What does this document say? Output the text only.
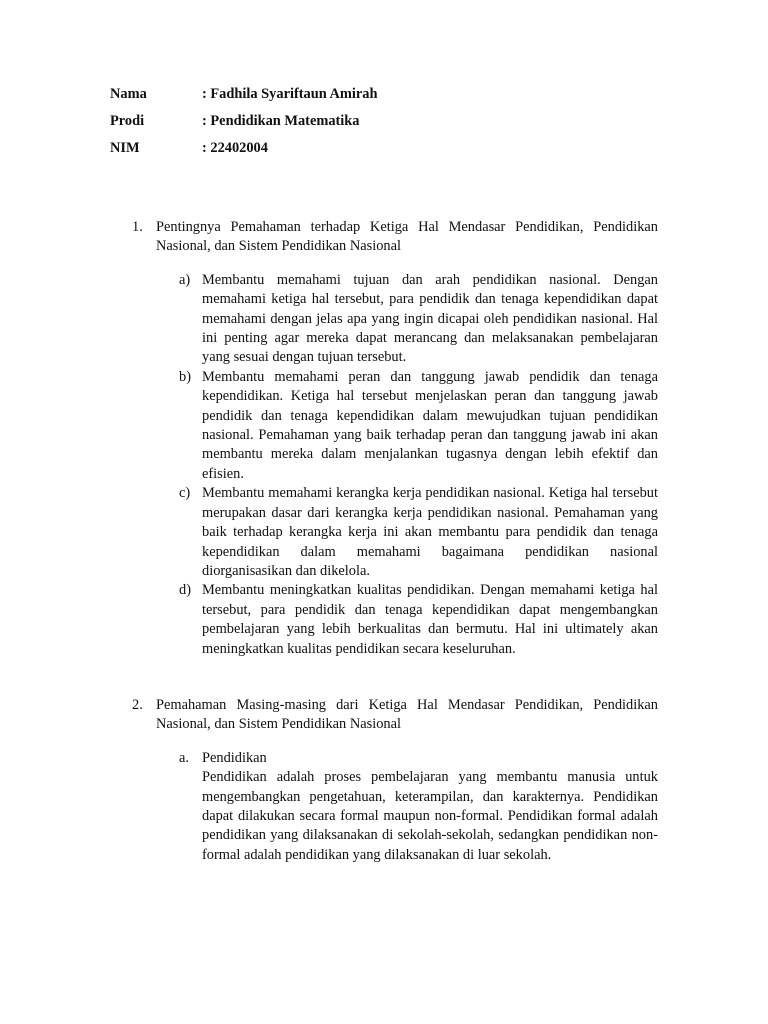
Nama	: Fadhila Syariftaun Amirah
Prodi	: Pendidikan Matematika
NIM	: 22402004
1. Pentingnya Pemahaman terhadap Ketiga Hal Mendasar Pendidikan, Pendidikan Nasional, dan Sistem Pendidikan Nasional
a) Membantu memahami tujuan dan arah pendidikan nasional. Dengan memahami ketiga hal tersebut, para pendidik dan tenaga kependidikan dapat memahami dengan jelas apa yang ingin dicapai oleh pendidikan nasional. Hal ini penting agar mereka dapat merancang dan melaksanakan pembelajaran yang sesuai dengan tujuan tersebut.
b) Membantu memahami peran dan tanggung jawab pendidik dan tenaga kependidikan. Ketiga hal tersebut menjelaskan peran dan tanggung jawab pendidik dan tenaga kependidikan dalam mewujudkan tujuan pendidikan nasional. Pemahaman yang baik terhadap peran dan tanggung jawab ini akan membantu mereka dalam menjalankan tugasnya dengan lebih efektif dan efisien.
c) Membantu memahami kerangka kerja pendidikan nasional. Ketiga hal tersebut merupakan dasar dari kerangka kerja pendidikan nasional. Pemahaman yang baik terhadap kerangka kerja ini akan membantu para pendidik dan tenaga kependidikan dalam memahami bagaimana pendidikan nasional diorganisasikan dan dikelola.
d) Membantu meningkatkan kualitas pendidikan. Dengan memahami ketiga hal tersebut, para pendidik dan tenaga kependidikan dapat mengembangkan pembelajaran yang lebih berkualitas dan bermutu. Hal ini ultimately akan meningkatkan kualitas pendidikan secara keseluruhan.
2. Pemahaman Masing-masing dari Ketiga Hal Mendasar Pendidikan, Pendidikan Nasional, dan Sistem Pendidikan Nasional
a. Pendidikan
Pendidikan adalah proses pembelajaran yang membantu manusia untuk mengembangkan pengetahuan, keterampilan, dan karakternya. Pendidikan dapat dilakukan secara formal maupun non-formal. Pendidikan formal adalah pendidikan yang dilaksanakan di sekolah-sekolah, sedangkan pendidikan non-formal adalah pendidikan yang dilaksanakan di luar sekolah.
